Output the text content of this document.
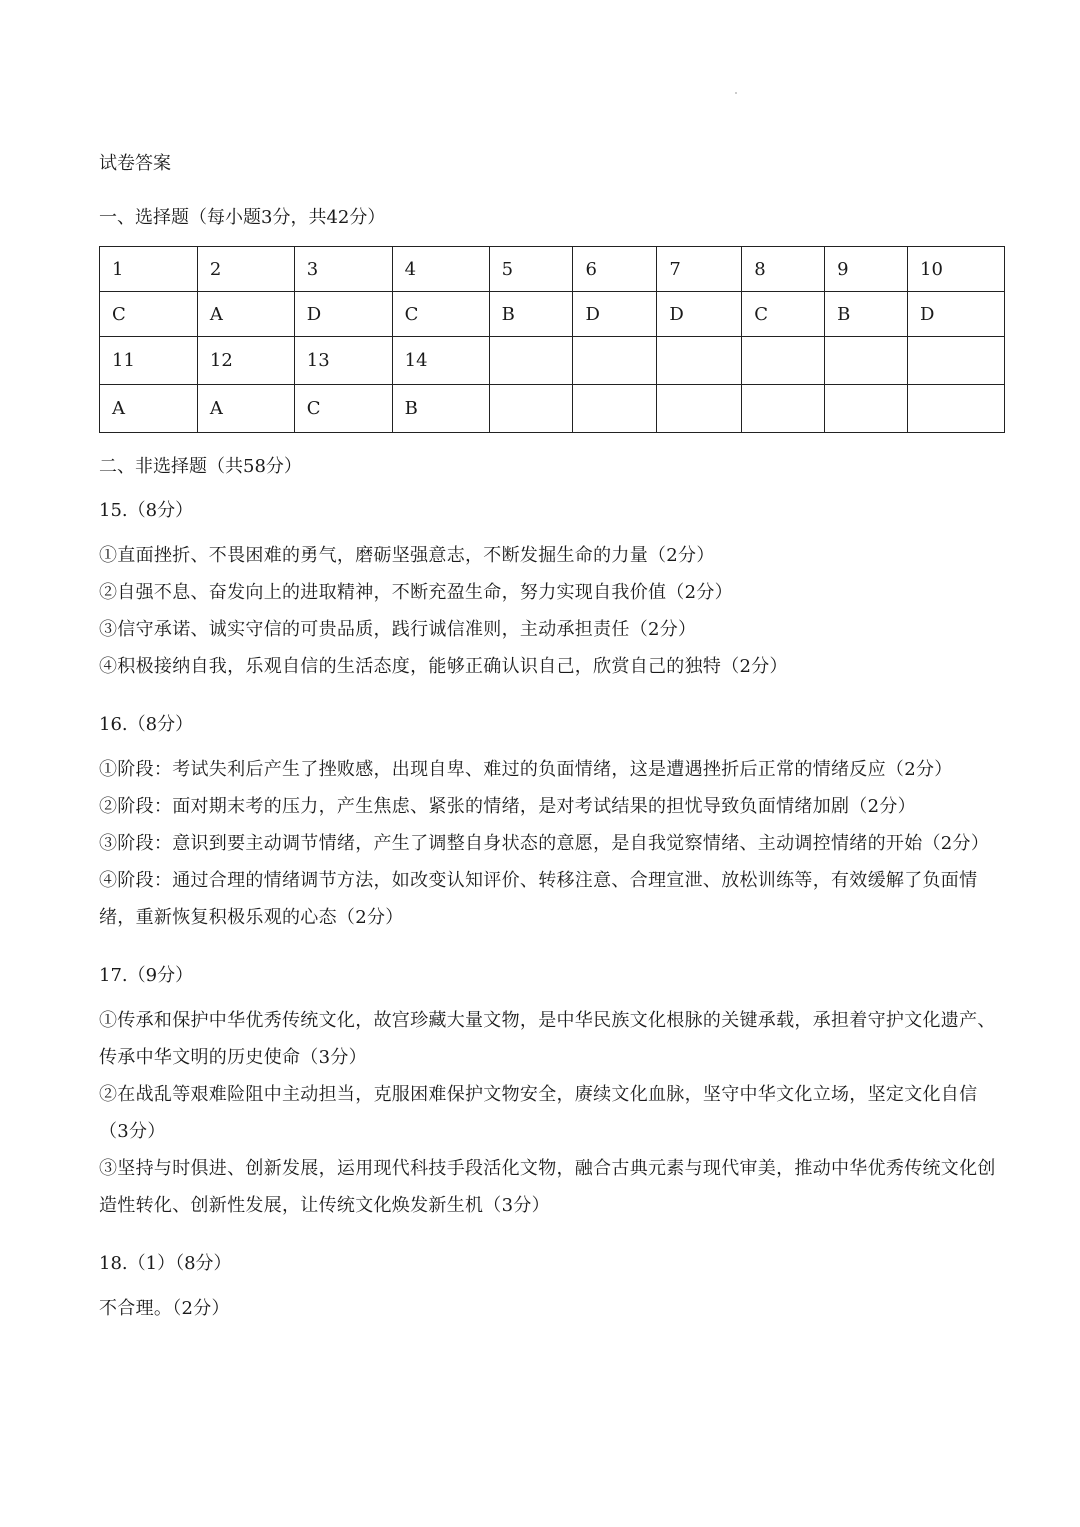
试卷答案
一、选择题（每小题3分，共42分）
1	2	3	4	5	6	7	8	9	10
C	A	D	C	B	D	D	C	B	D
11	12	13	14						
A	A	C	B						
二、非选择题（共58分）
15.（8分）

①直面挫折、不畏困难的勇气，磨砺坚强意志，不断发掘生命的力量（2分）

②自强不息、奋发向上的进取精神，不断充盈生命，努力实现自我价值（2分）

③信守承诺、诚实守信的可贵品质，践行诚信准则，主动承担责任（2分）

④积极接纳自我，乐观自信的生活态度，能够正确认识自己，欣赏自己的独特（2分）

16.（8分）

①阶段：考试失利后产生了挫败感，出现自卑、难过的负面情绪，这是遭遇挫折后正常的情绪反应（2分）

②阶段：面对期末考的压力，产生焦虑、紧张的情绪，是对考试结果的担忧导致负面情绪加剧（2分）

③阶段：意识到要主动调节情绪，产生了调整自身状态的意愿，是自我觉察情绪、主动调控情绪的开始（2分）

④阶段：通过合理的情绪调节方法，如改变认知评价、转移注意、合理宣泄、放松训练等，有效缓解了负面情绪，重新恢复积极乐观的心态（2分）

17.（9分）

①传承和保护中华优秀传统文化，故宫珍藏大量文物，是中华民族文化根脉的关键承载，承担着守护文化遗产、传承中华文明的历史使命（3分）

②在战乱等艰难险阻中主动担当，克服困难保护文物安全，赓续文化血脉，坚守中华文化立场，坚定文化自信（3分）

③坚持与时俱进、创新发展，运用现代科技手段活化文物，融合古典元素与现代审美，推动中华优秀传统文化创造性转化、创新性发展，让传统文化焕发新生机（3分）

18.（1）（8分）

不合理。（2分）
